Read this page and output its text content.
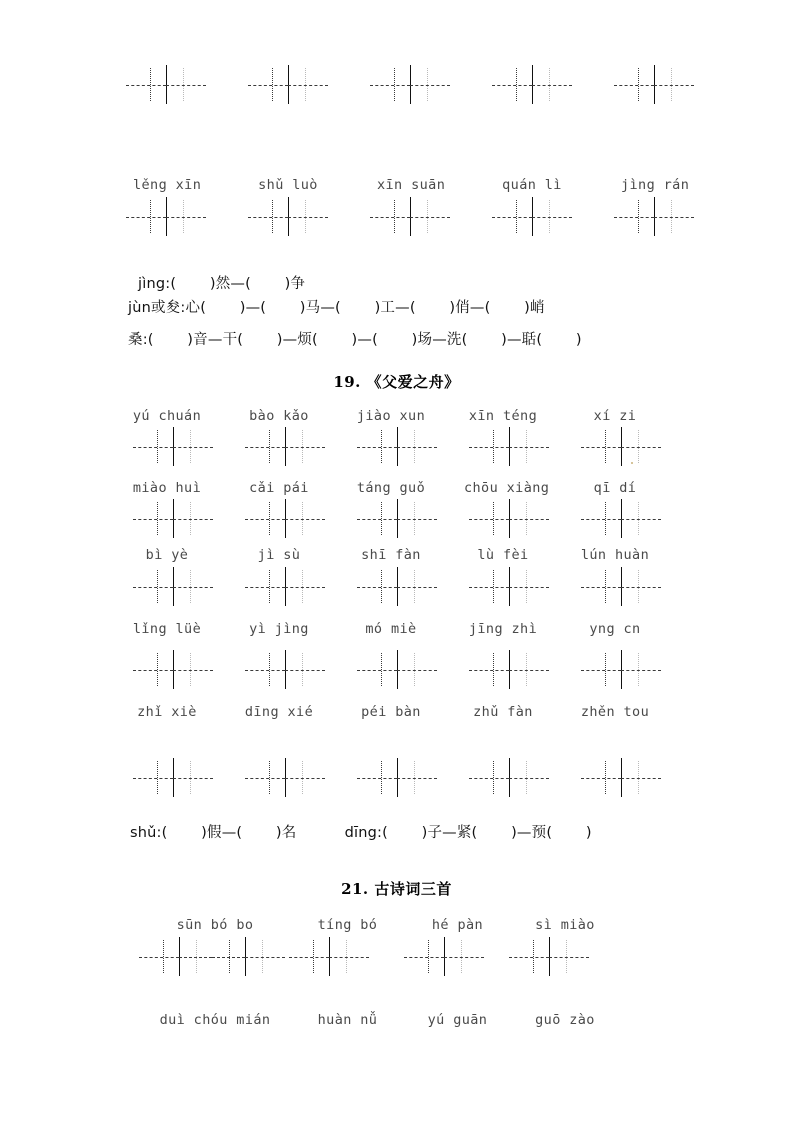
lěng xīn	shǔ luò	xīn suān	quán lì	jìng rán
jìng:(       )然—(       )争
jùn或夋:心(       )—(       )马—(       )工—(       )俏—(       )峭
桑:(       )音—干(       )—烦(       )—(       )场—洗(       )—聒(       )
19. 《父爱之舟》
yú chuán	bào kǎo	jiào xun	xīn téng	xí zi
miào huì	cǎi pái	táng guǒ	chōu xiàng	qī dí
bì yè	jì sù	shī fàn	lù fèi	lún huàn
lǐng lüè	yì jìng	mó miè	jīng zhì	yng cn
zhǐ xiè	dīng xié	péi bàn	zhǔ fàn	zhěn tou
shǔ:(       )假—(       )名          dīng:(       )子—紧(       )—预(       )
21. 古诗词三首
sūn bó bo	tíng bó	hé pàn	sì miào
duì chóu mián	huàn nǚ	yú guān	guō zào
